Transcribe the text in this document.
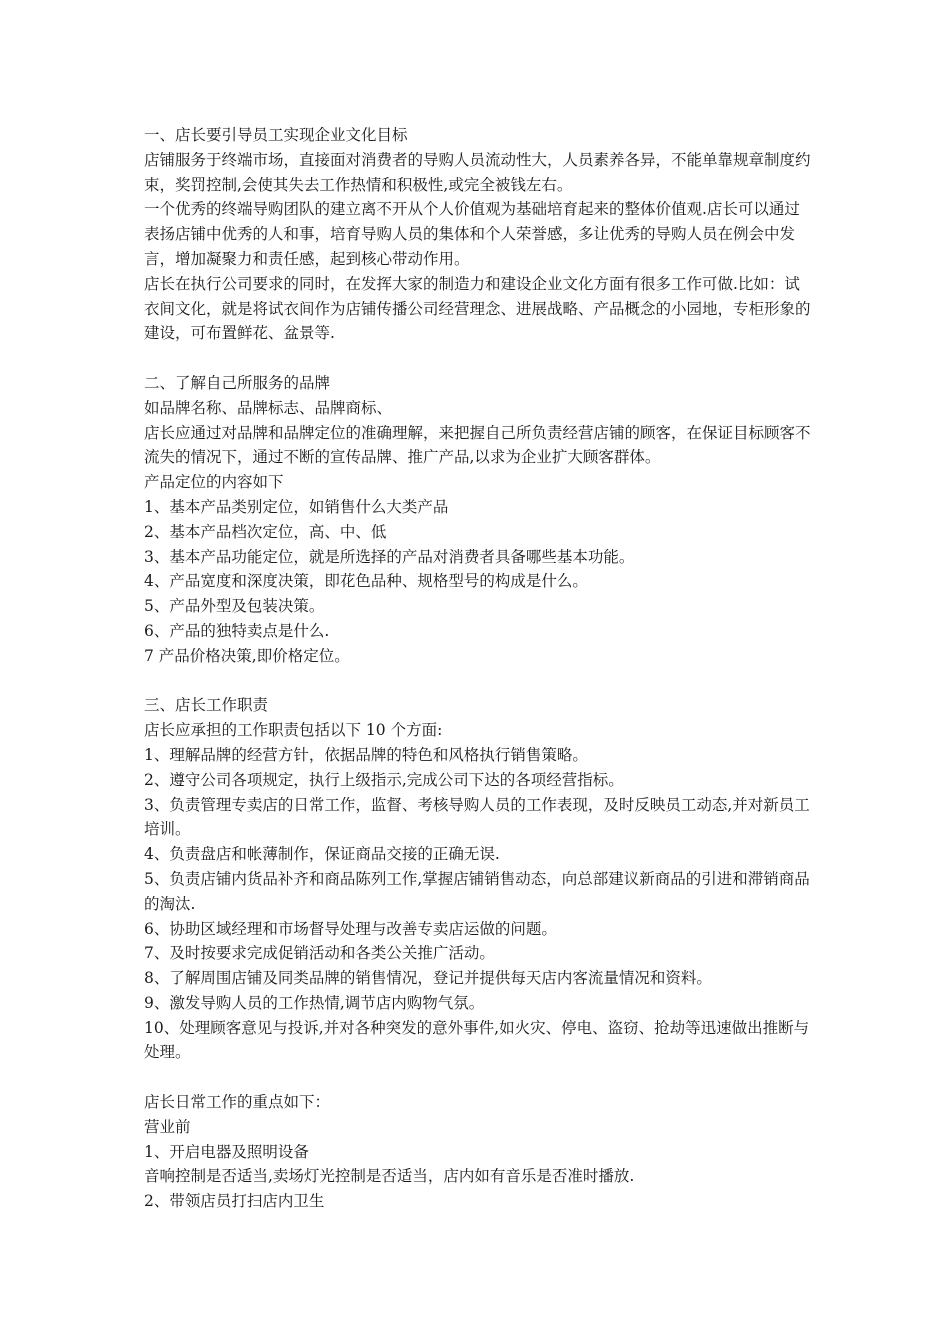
一、店长要引导员工实现企业文化目标

店铺服务于终端市场，直接面对消费者的导购人员流动性大，人员素养各异，不能单靠规章制度约束，奖罚控制,会使其失去工作热情和积极性,或完全被钱左右。

一个优秀的终端导购团队的建立离不开从个人价值观为基础培育起来的整体价值观.店长可以通过表扬店铺中优秀的人和事，培育导购人员的集体和个人荣誉感，多让优秀的导购人员在例会中发言，增加凝聚力和责任感，起到核心带动作用。

店长在执行公司要求的同时，在发挥大家的制造力和建设企业文化方面有很多工作可做.比如：试衣间文化，就是将试衣间作为店铺传播公司经营理念、进展战略、产品概念的小园地，专柜形象的建设，可布置鲜花、盆景等.

二、了解自己所服务的品牌

如品牌名称、品牌标志、品牌商标、

店长应通过对品牌和品牌定位的准确理解，来把握自己所负责经营店铺的顾客，在保证目标顾客不流失的情况下，通过不断的宣传品牌、推广产品,以求为企业扩大顾客群体。

产品定位的内容如下

1、基本产品类别定位，如销售什么大类产品

2、基本产品档次定位，高、中、低

3、基本产品功能定位，就是所选择的产品对消费者具备哪些基本功能。

4、产品宽度和深度决策，即花色品种、规格型号的构成是什么。

5、产品外型及包装决策。

6、产品的独特卖点是什么.

7 产品价格决策,即价格定位。

三、店长工作职责

店长应承担的工作职责包括以下 10 个方面:

1、理解品牌的经营方针，依据品牌的特色和风格执行销售策略。

2、遵守公司各项规定，执行上级指示,完成公司下达的各项经营指标。

3、负责管理专卖店的日常工作，监督、考核导购人员的工作表现，及时反映员工动态,并对新员工培训。

4、负责盘店和帐薄制作，保证商品交接的正确无误.

5、负责店铺内货品补齐和商品陈列工作,掌握店铺销售动态，向总部建议新商品的引进和滞销商品的淘汰.

6、协助区域经理和市场督导处理与改善专卖店运做的问题。

7、及时按要求完成促销活动和各类公关推广活动。

8、了解周围店铺及同类品牌的销售情况，登记并提供每天店内客流量情况和资料。

9、激发导购人员的工作热情,调节店内购物气氛。

10、处理顾客意见与投诉,并对各种突发的意外事件,如火灾、停电、盗窃、抢劫等迅速做出推断与处理。

店长日常工作的重点如下：

营业前

1、开启电器及照明设备

音响控制是否适当,卖场灯光控制是否适当，店内如有音乐是否准时播放.

2、带领店员打扫店内卫生
